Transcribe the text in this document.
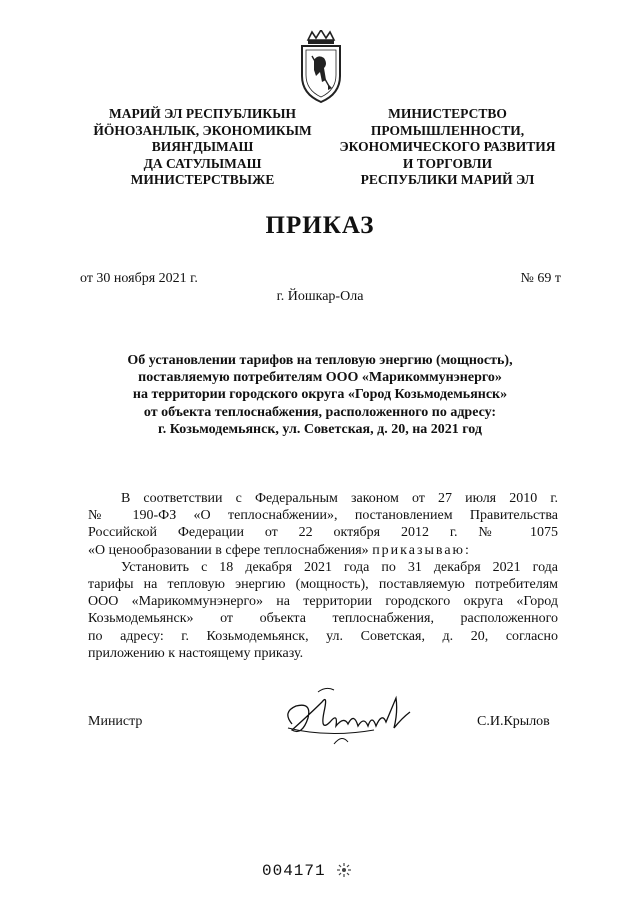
МАРИЙ ЭЛ РЕСПУБЛИКЫН
ЙÖНОЗАНЛЫК, ЭКОНОМИКЫМ
ВИЯҤДЫМАШ
ДА САТУЛЫМАШ
МИНИСТЕРСТВЫЖЕ
МИНИСТЕРСТВО
ПРОМЫШЛЕННОСТИ,
ЭКОНОМИЧЕСКОГО РАЗВИТИЯ
И ТОРГОВЛИ
РЕСПУБЛИКИ МАРИЙ ЭЛ
ПРИКАЗ
от 30 ноября 2021 г.	№ 69 т
г. Йошкар-Ола
Об установлении тарифов на тепловую энергию (мощность),
поставляемую потребителям ООО «Марикоммунэнерго»
на территории городского округа «Город Козьмодемьянск»
от объекта теплоснабжения, расположенного по адресу:
г. Козьмодемьянск, ул. Советская, д. 20, на 2021 год
В соответствии с Федеральным законом от 27 июля 2010 г.
№ 190-ФЗ «О теплоснабжении», постановлением Правительства
Российской Федерации от 22 октября 2012 г. № 1075
«О ценообразовании в сфере теплоснабжения» приказываю:
Установить с 18 декабря 2021 года по 31 декабря 2021 года
тарифы на тепловую энергию (мощность), поставляемую потребителям
ООО «Марикоммунэнерго» на территории городского округа «Город
Козьмодемьянск» от объекта теплоснабжения, расположенного
по адресу: г. Козьмодемьянск, ул. Советская, д. 20, согласно
приложению к настоящему приказу.
Министр	С.И.Крылов
004171
